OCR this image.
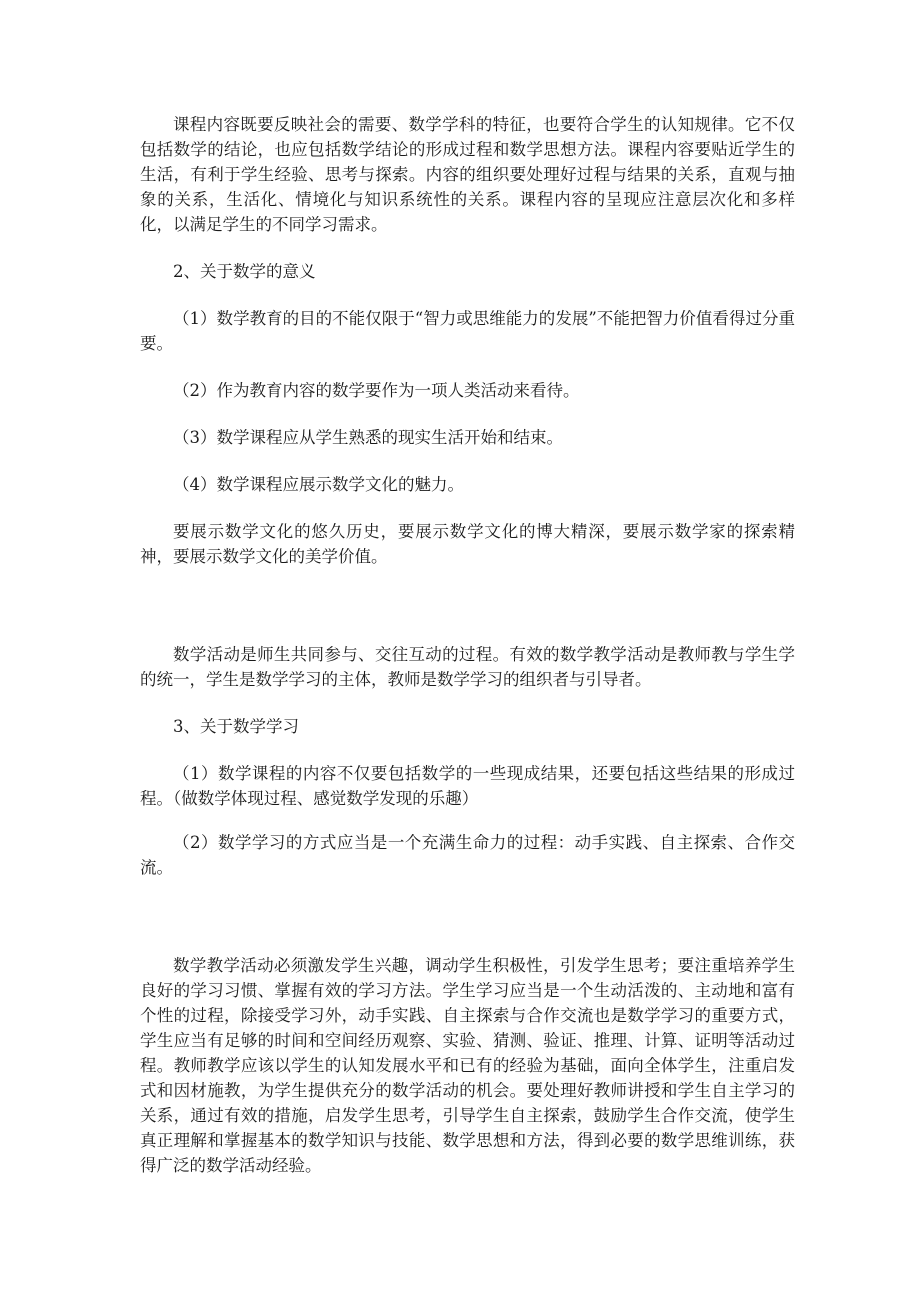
课程内容既要反映社会的需要、数学学科的特征，也要符合学生的认知规律。它不仅包括数学的结论，也应包括数学结论的形成过程和数学思想方法。课程内容要贴近学生的生活，有利于学生经验、思考与探索。内容的组织要处理好过程与结果的关系，直观与抽象的关系，生活化、情境化与知识系统性的关系。课程内容的呈现应注意层次化和多样化，以满足学生的不同学习需求。

2、关于数学的意义

（1）数学教育的目的不能仅限于“智力或思维能力的发展”不能把智力价值看得过分重要。

（2）作为教育内容的数学要作为一项人类活动来看待。

（3）数学课程应从学生熟悉的现实生活开始和结束。

（4）数学课程应展示数学文化的魅力。

要展示数学文化的悠久历史，要展示数学文化的博大精深，要展示数学家的探索精神，要展示数学文化的美学价值。

数学活动是师生共同参与、交往互动的过程。有效的数学教学活动是教师教与学生学的统一，学生是数学学习的主体，教师是数学学习的组织者与引导者。

3、关于数学学习

（1）数学课程的内容不仅要包括数学的一些现成结果，还要包括这些结果的形成过程。（做数学体现过程、感觉数学发现的乐趣）

（2）数学学习的方式应当是一个充满生命力的过程：动手实践、自主探索、合作交流。

数学教学活动必须激发学生兴趣，调动学生积极性，引发学生思考；要注重培养学生良好的学习习惯、掌握有效的学习方法。学生学习应当是一个生动活泼的、主动地和富有个性的过程，除接受学习外，动手实践、自主探索与合作交流也是数学学习的重要方式，学生应当有足够的时间和空间经历观察、实验、猜测、验证、推理、计算、证明等活动过程。教师教学应该以学生的认知发展水平和已有的经验为基础，面向全体学生，注重启发式和因材施教，为学生提供充分的数学活动的机会。要处理好教师讲授和学生自主学习的关系，通过有效的措施，启发学生思考，引导学生自主探索，鼓励学生合作交流，使学生真正理解和掌握基本的数学知识与技能、数学思想和方法，得到必要的数学思维训练，获得广泛的数学活动经验。
